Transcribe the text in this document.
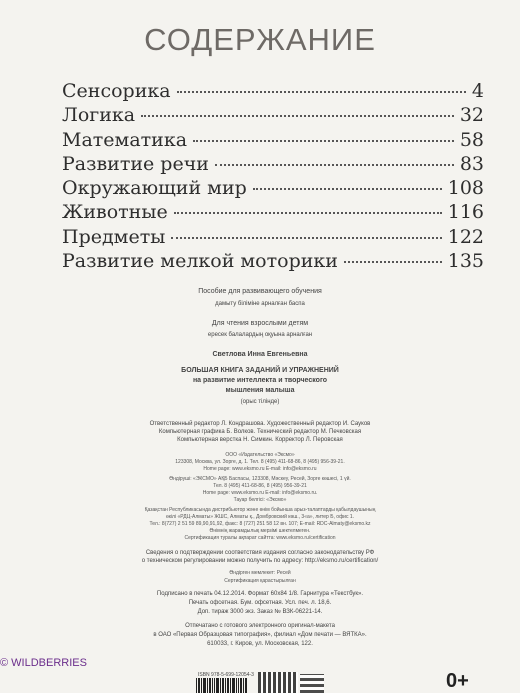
СОДЕРЖАНИЕ
Сенсорика	4
Логика	32
Математика	58
Развитие речи	83
Окружающий мир	108
Животные	116
Предметы	122
Развитие мелкой моторики	135
Пособие для развивающего обучения
дамыту біліміне арналған баспа
Для чтения взрослыми детям
ересек балалардың оқуына арналған
Светлова Инна Евгеньевна
БОЛЬШАЯ КНИГА ЗАДАНИЙ И УПРАЖНЕНИЙ
на развитие интеллекта и творческого
мышления малыша
(орыс тілінде)
Ответственный редактор Л. Кондрашова. Художественный редактор И. Сауков
Компьютерная графика Б. Волков. Технический редактор М. Печковская
Компьютерная верстка Н. Симкин. Корректор Л. Перовская
ООО «Издательство «Эксмо»
123308, Москва, ул. Зорге, д. 1. Тел. 8 (495) 411-68-86, 8 (495) 956-39-21.
Home page: www.eksmo.ru E-mail: info@eksmo.ru
Өндіруші: «ЭКСМО» АҚБ Баспасы, 123308, Мәскеу, Ресей, Зорге көшесі, 1 үй.
Тел. 8 (495) 411-68-86, 8 (495) 956-39-21
Home page: www.eksmo.ru E-mail: info@eksmo.ru.
Тауар белгісі: «Эксмо»
Қазақстан Республикасында дистрибьютор және өнім бойынша арыз-талаптарды қабылдаушының
өкілі «РДЦ-Алматы» ЖШС, Алматы қ., Домбровский көш., 3«а», литер Б, офис 1.
Тел.: 8(727) 2 51 59 89,90,91,92, факс: 8 (727) 251 58 12 вн. 107; E-mail: RDC-Almaty@eksmo.kz
Өнімнің жарамдылық мерзімі шектелмеген.
Сертификация туралы ақпарат сайтта: www.eksmo.ru/certification
Сведения о подтверждении соответствия издания согласно законодательству РФ
о техническом регулировании можно получить по адресу: http://eksmo.ru/certification/
Өндірген мемлекет: Ресей
Сертификация қарастырылған
Подписано в печать 04.12.2014. Формат 60x84 1/8. Гарнитура «Текстбук».
Печать офсетная. Бум. офсетная. Усл. печ. л. 18,6.
Доп. тираж 3000 экз. Заказ № ВЗК-06221-14.
Отпечатано с готового электронного оригинал-макета
в ОАО «Первая Образцовая типография», филиал «Дом печати — ВЯТКА».
610033, г. Киров, ул. Московская, 122.
© WILDBERRIES
ISBN 978-5-699-12054-3	0+
